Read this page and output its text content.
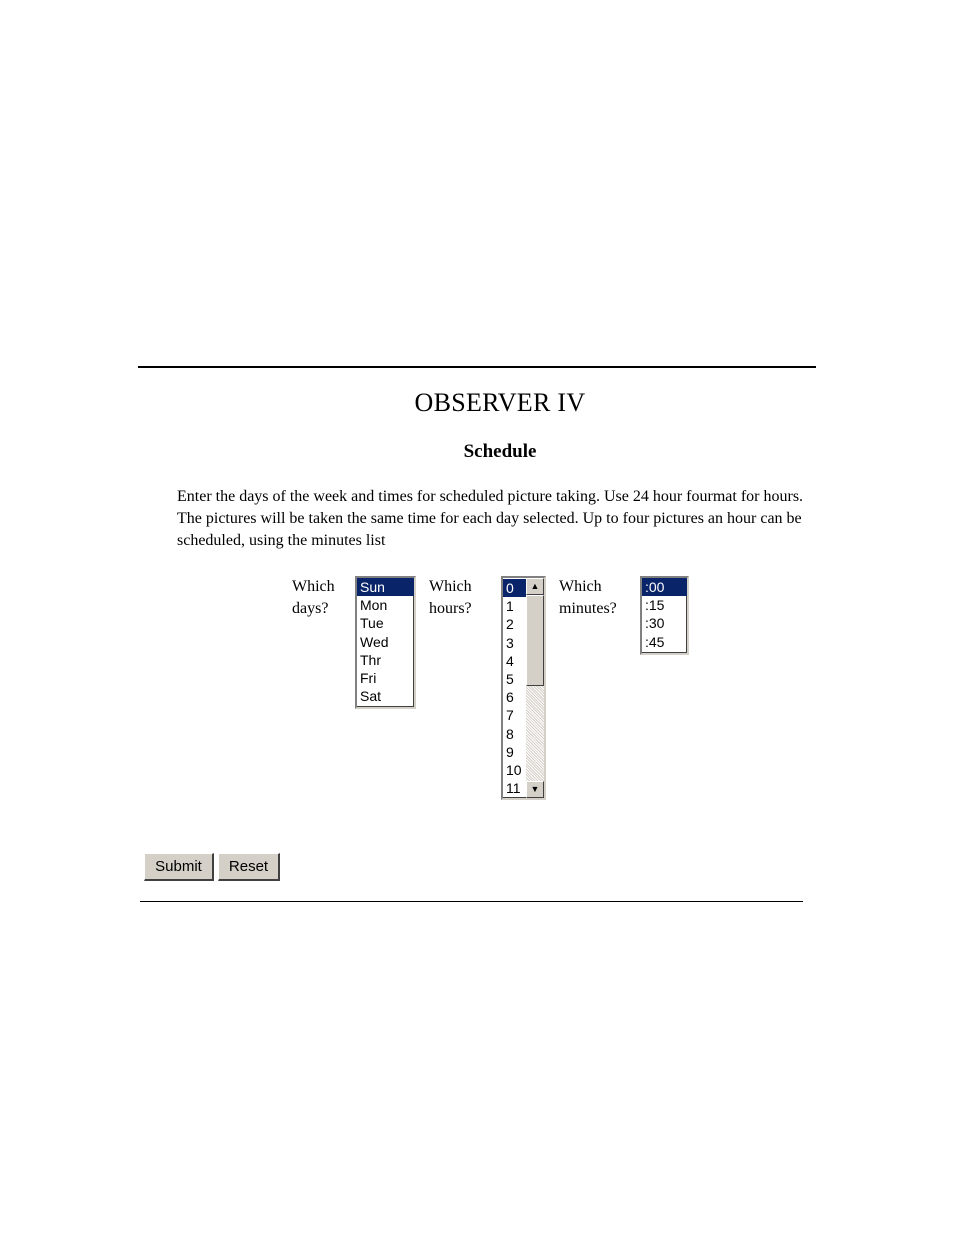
OBSERVER IV
Schedule
Enter the days of the week and times for scheduled picture taking. Use 24 hour fourmat for hours. The pictures will be taken the same time for each day selected. Up to four pictures an hour can be scheduled, using the minutes list
Which
days?
Sun
Mon
Tue
Wed
Thr
Fri
Sat
Which
hours?
0
1
2
3
4
5
6
7
8
9
10
11
▲
▼
Which
minutes?
:00
:15
:30
:45
Submit	Reset
